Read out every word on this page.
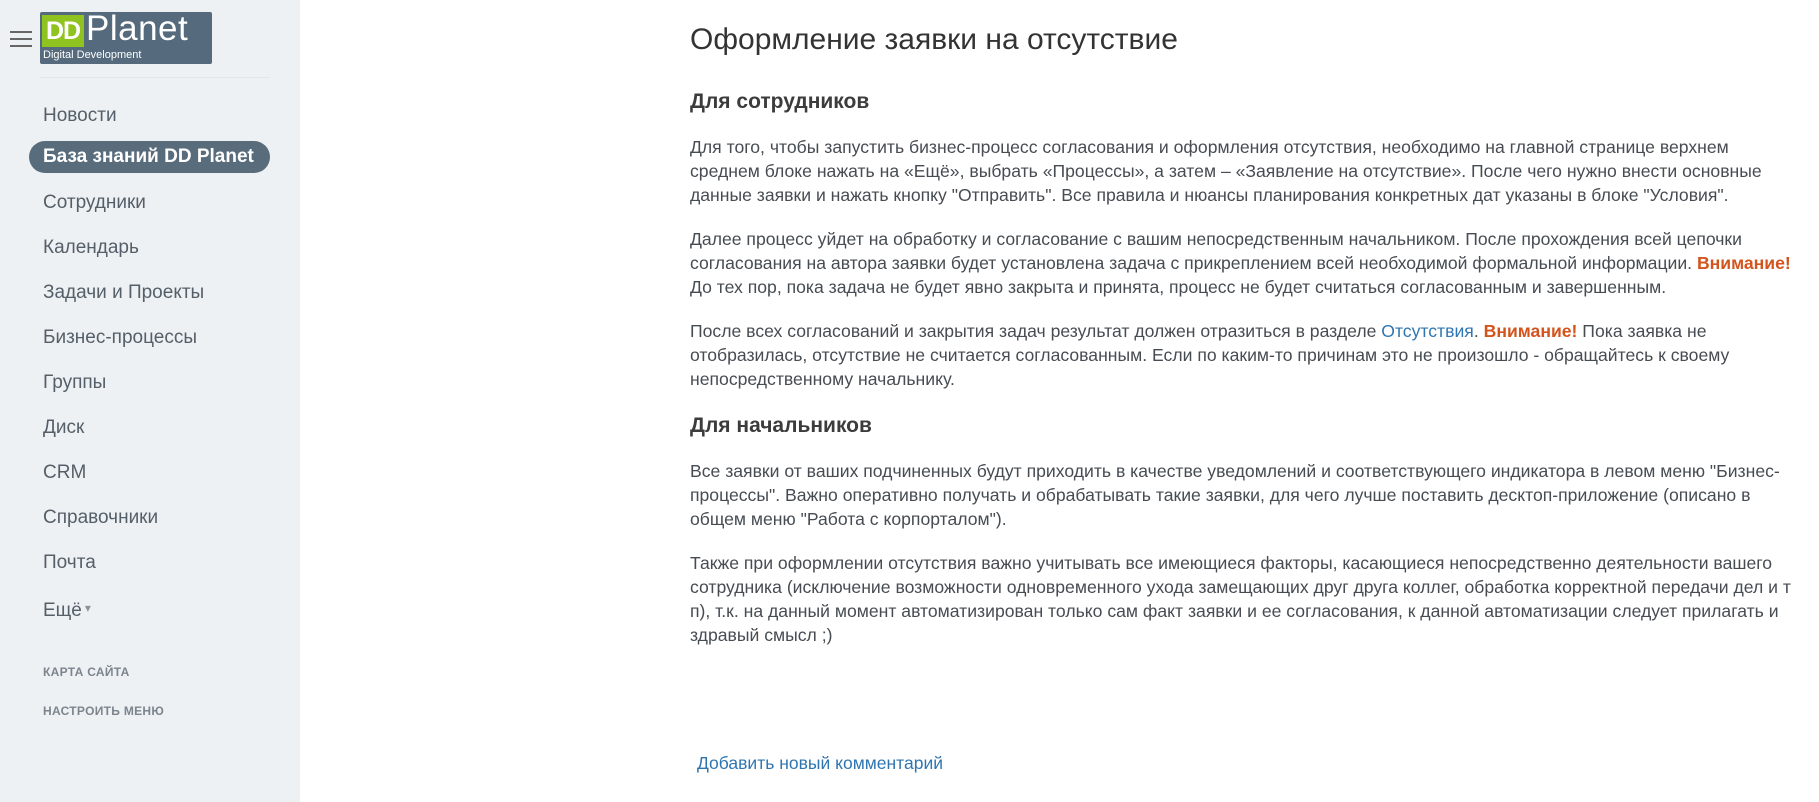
DD Planet
Digital Development
Новости
База знаний DD Planet
Сотрудники
Календарь
Задачи и Проекты
Бизнес-процессы
Группы
Диск
CRM
Справочники
Почта
Ещё ▾
КАРТА САЙТА
НАСТРОИТЬ МЕНЮ
Оформление заявки на отсутствие
Для сотрудников

Для того, чтобы запустить бизнес-процесс согласования и оформления отсутствия, необходимо на главной странице верхнем среднем блоке нажать на «Ещё», выбрать «Процессы», а затем – «Заявление на отсутствие». После чего нужно внести основные данные заявки и нажать кнопку "Отправить". Все правила и нюансы планирования конкретных дат указаны в блоке "Условия".

Далее процесс уйдет на обработку и согласование с вашим непосредственным начальником. После прохождения всей цепочки согласования на автора заявки будет установлена задача с прикреплением всей необходимой формальной информации. Внимание! До тех пор, пока задача не будет явно закрыта и принята, процесс не будет считаться согласованным и завершенным.

После всех согласований и закрытия задач результат должен отразиться в разделе Отсутствия. Внимание! Пока заявка не отобразилась, отсутствие не считается согласованным. Если по каким-то причинам это не произошло - обращайтесь к своему непосредственному начальнику.

Для начальников

Все заявки от ваших подчиненных будут приходить в качестве уведомлений и соответствующего индикатора в левом меню "Бизнес-процессы". Важно оперативно получать и обрабатывать такие заявки, для чего лучше поставить десктоп-приложение (описано в общем меню "Работа с корпорталом").

Также при оформлении отсутствия важно учитывать все имеющиеся факторы, касающиеся непосредственно деятельности вашего сотрудника (исключение возможности одновременного ухода замещающих друг друга коллег, обработка корректной передачи дел и т п), т.к. на данный момент автоматизирован только сам факт заявки и ее согласования, к данной автоматизации следует прилагать и здравый смысл ;)

Добавить новый комментарий
